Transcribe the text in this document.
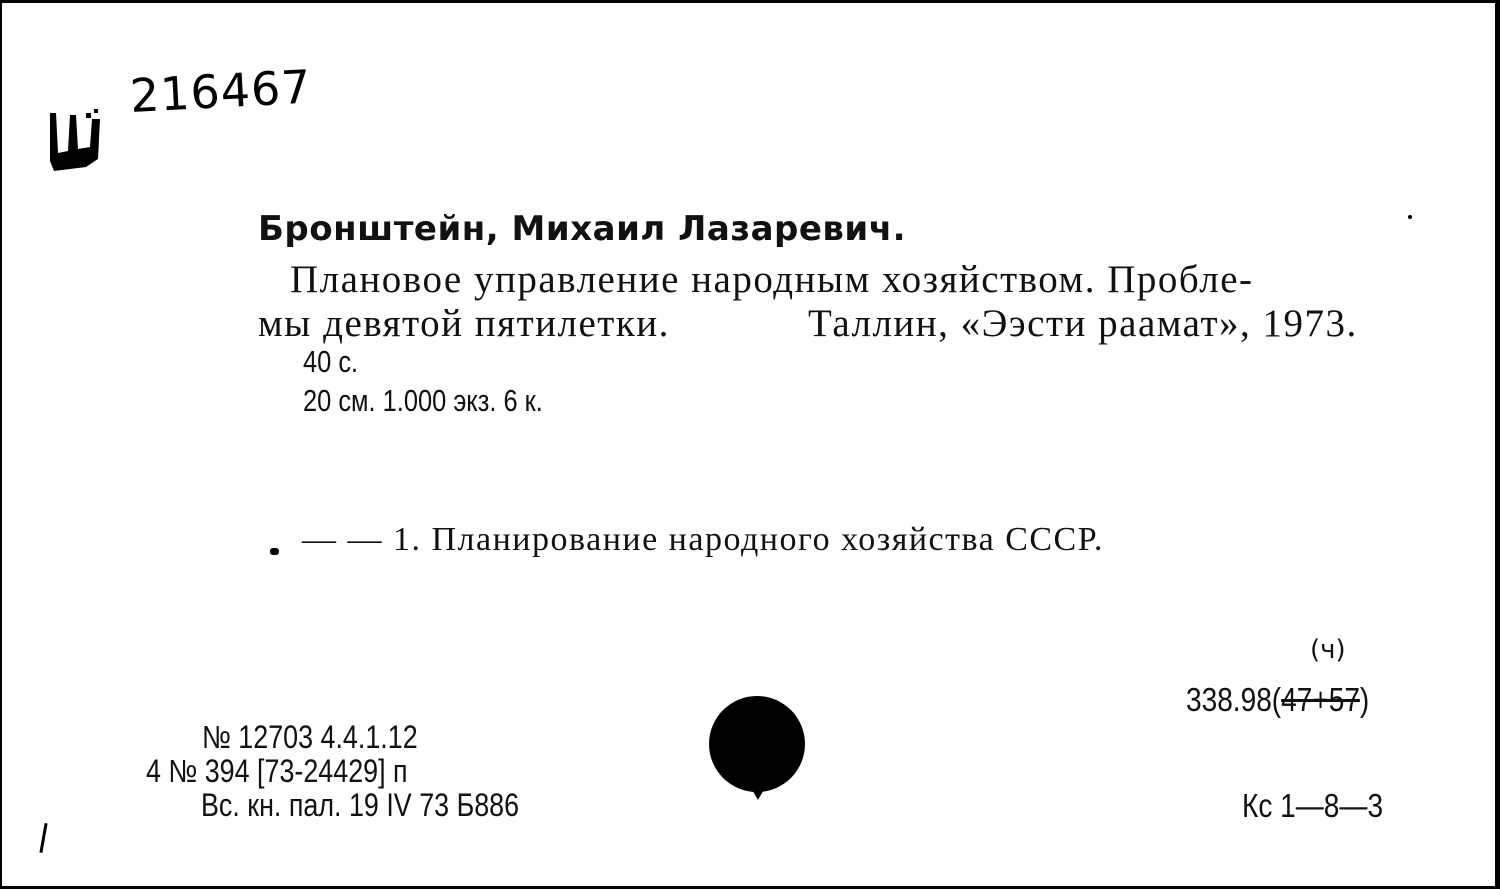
216467
Бронштейн, Михаил Лазаревич.
Плановое управление народным хозяйством. Пробле-
мы девятой пятилетки.	Таллин, «Ээсти раамат», 1973.
40 с.
20 см. 1.000 экз. 6 к.
— — 1. Планирование народного хозяйства СССР.
(ч)
338.98(47+57)
№ 12703 4.4.1.12
4 № 394 [73-24429] п
Вс. кн. пал. 19 IV 73 Б886	Кс 1—8—3
